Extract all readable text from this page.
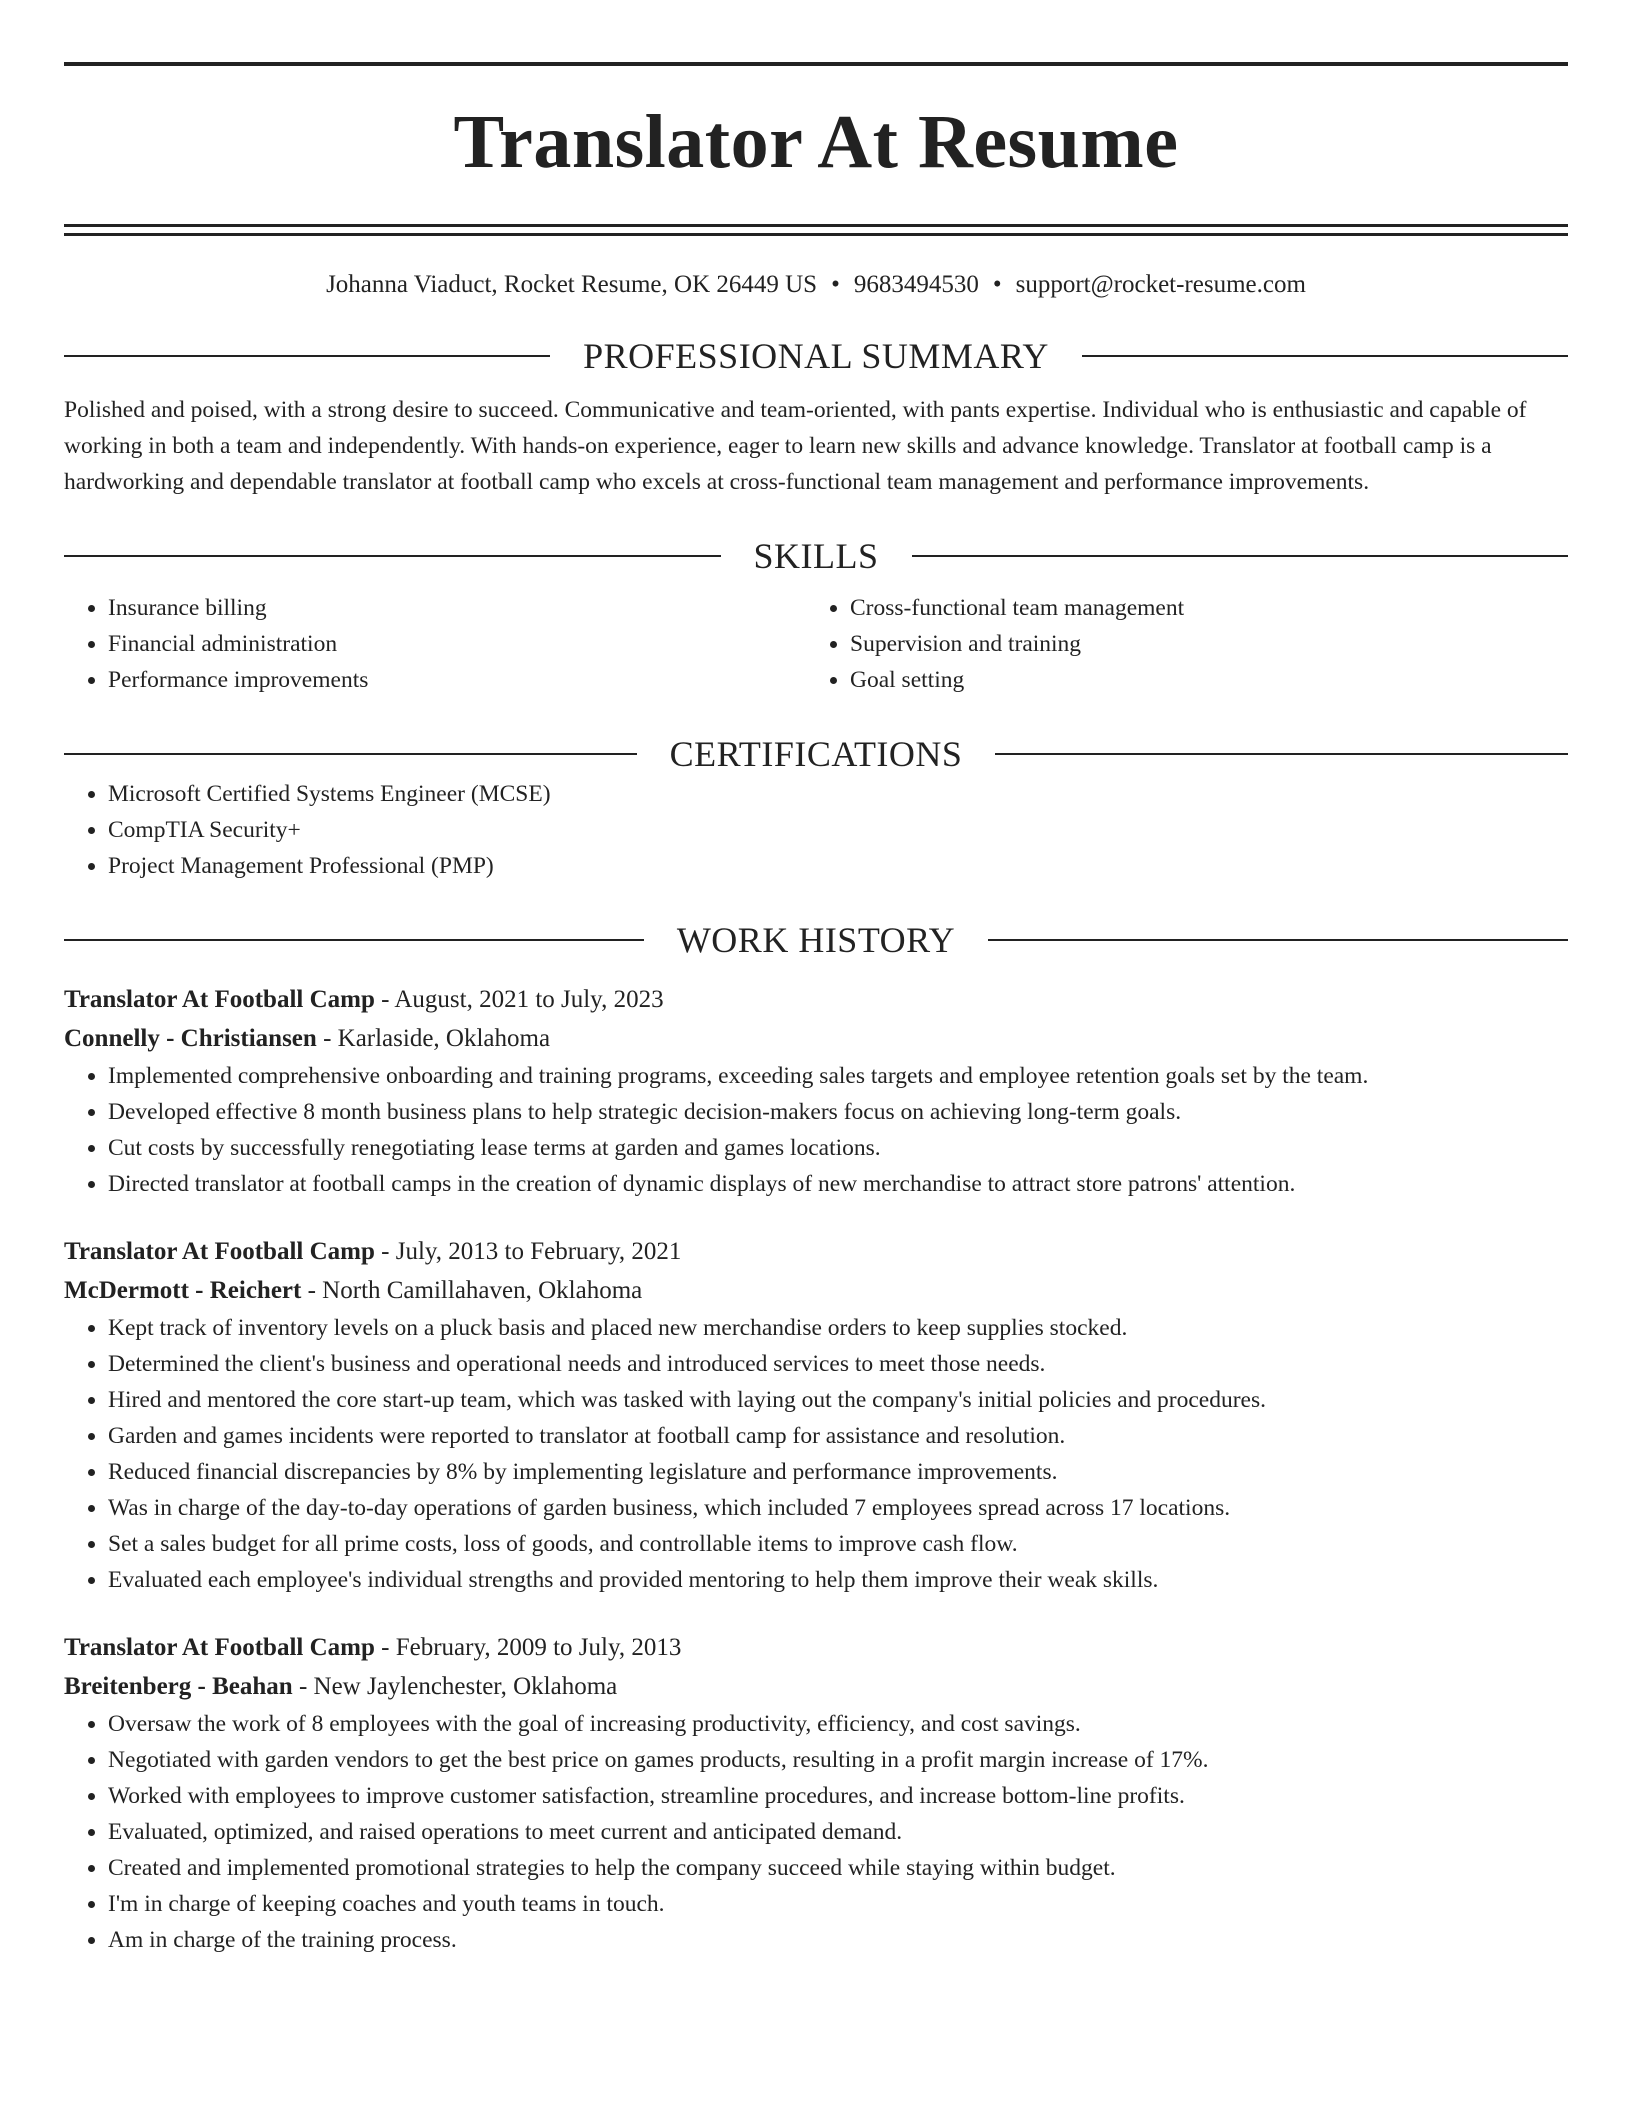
Translator At Resume
Johanna Viaduct, Rocket Resume, OK 26449 US • 9683494530 • support@rocket-resume.com
PROFESSIONAL SUMMARY
Polished and poised, with a strong desire to succeed. Communicative and team-oriented, with pants expertise. Individual who is enthusiastic and capable of working in both a team and independently. With hands-on experience, eager to learn new skills and advance knowledge. Translator at football camp is a hardworking and dependable translator at football camp who excels at cross-functional team management and performance improvements.
SKILLS
• Insurance billing
• Financial administration
• Performance improvements
• Cross-functional team management
• Supervision and training
• Goal setting
CERTIFICATIONS
• Microsoft Certified Systems Engineer (MCSE)
• CompTIA Security+
• Project Management Professional (PMP)
WORK HISTORY
Translator At Football Camp - August, 2021 to July, 2023
Connelly - Christiansen - Karlaside, Oklahoma
• Implemented comprehensive onboarding and training programs, exceeding sales targets and employee retention goals set by the team.
• Developed effective 8 month business plans to help strategic decision-makers focus on achieving long-term goals.
• Cut costs by successfully renegotiating lease terms at garden and games locations.
• Directed translator at football camps in the creation of dynamic displays of new merchandise to attract store patrons' attention.
Translator At Football Camp - July, 2013 to February, 2021
McDermott - Reichert - North Camillahaven, Oklahoma
• Kept track of inventory levels on a pluck basis and placed new merchandise orders to keep supplies stocked.
• Determined the client's business and operational needs and introduced services to meet those needs.
• Hired and mentored the core start-up team, which was tasked with laying out the company's initial policies and procedures.
• Garden and games incidents were reported to translator at football camp for assistance and resolution.
• Reduced financial discrepancies by 8% by implementing legislature and performance improvements.
• Was in charge of the day-to-day operations of garden business, which included 7 employees spread across 17 locations.
• Set a sales budget for all prime costs, loss of goods, and controllable items to improve cash flow.
• Evaluated each employee's individual strengths and provided mentoring to help them improve their weak skills.
Translator At Football Camp - February, 2009 to July, 2013
Breitenberg - Beahan - New Jaylenchester, Oklahoma
• Oversaw the work of 8 employees with the goal of increasing productivity, efficiency, and cost savings.
• Negotiated with garden vendors to get the best price on games products, resulting in a profit margin increase of 17%.
• Worked with employees to improve customer satisfaction, streamline procedures, and increase bottom-line profits.
• Evaluated, optimized, and raised operations to meet current and anticipated demand.
• Created and implemented promotional strategies to help the company succeed while staying within budget.
• I'm in charge of keeping coaches and youth teams in touch.
• Am in charge of the training process.
